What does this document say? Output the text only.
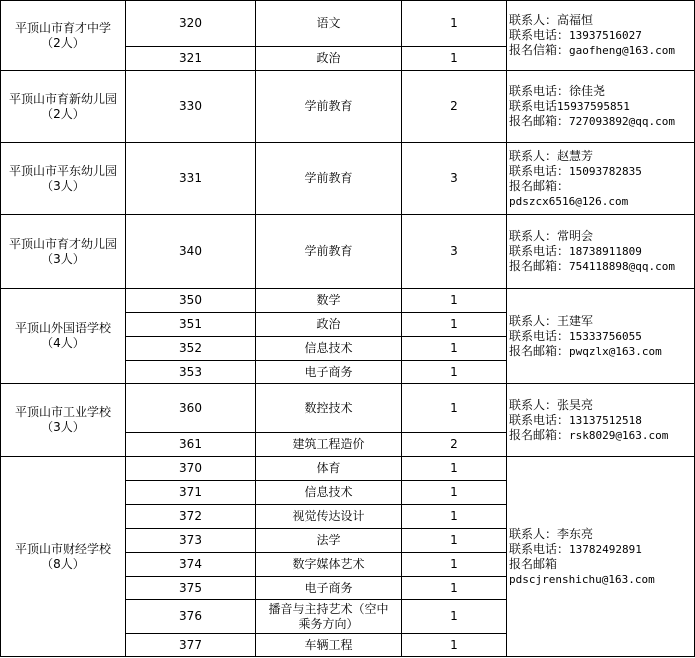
平顶山市育才中学
（2人）	320	语文	1	联系人：高福恒
联系电话：13937516027
报名信箱：gaofheng@163.com

	321	政治	1	

平顶山市育新幼儿园
（2人）	330	学前教育	2	联系电话：徐佳尧
联系电话15937595851
报名邮箱：727093892@qq.com

平顶山市平东幼儿园
（3人）	331	学前教育	3	联系人：赵慧芳
联系电话：15093782835
报名邮箱：
pdszcx6516@126.com

平顶山市育才幼儿园
（3人）	340	学前教育	3	联系人：常明会
联系电话：18738911809
报名邮箱：754118898@qq.com

平顶山外国语学校
（4人）	350	数学	1	联系人：王建军
联系电话：15333756055
报名邮箱：pwqzlx@163.com

	351	政治	1	
	352	信息技术	1	
	353	电子商务	1	

平顶山市工业学校
（3人）	360	数控技术	1	联系人：张昊亮
联系电话：13137512518
报名邮箱：rsk8029@163.com

	361	建筑工程造价	2	

平顶山市财经学校
（8人）	370	体育	1	联系人：李东亮
联系电话：13782492891
报名邮箱
pdscjrenshichu@163.com

	371	信息技术	1	
	372	视觉传达设计	1	
	373	法学	1	
	374	数字媒体艺术	1	
	375	电子商务	1	
	376	播音与主持艺术（空中
乘务方向）	1	
	377	车辆工程	1	
